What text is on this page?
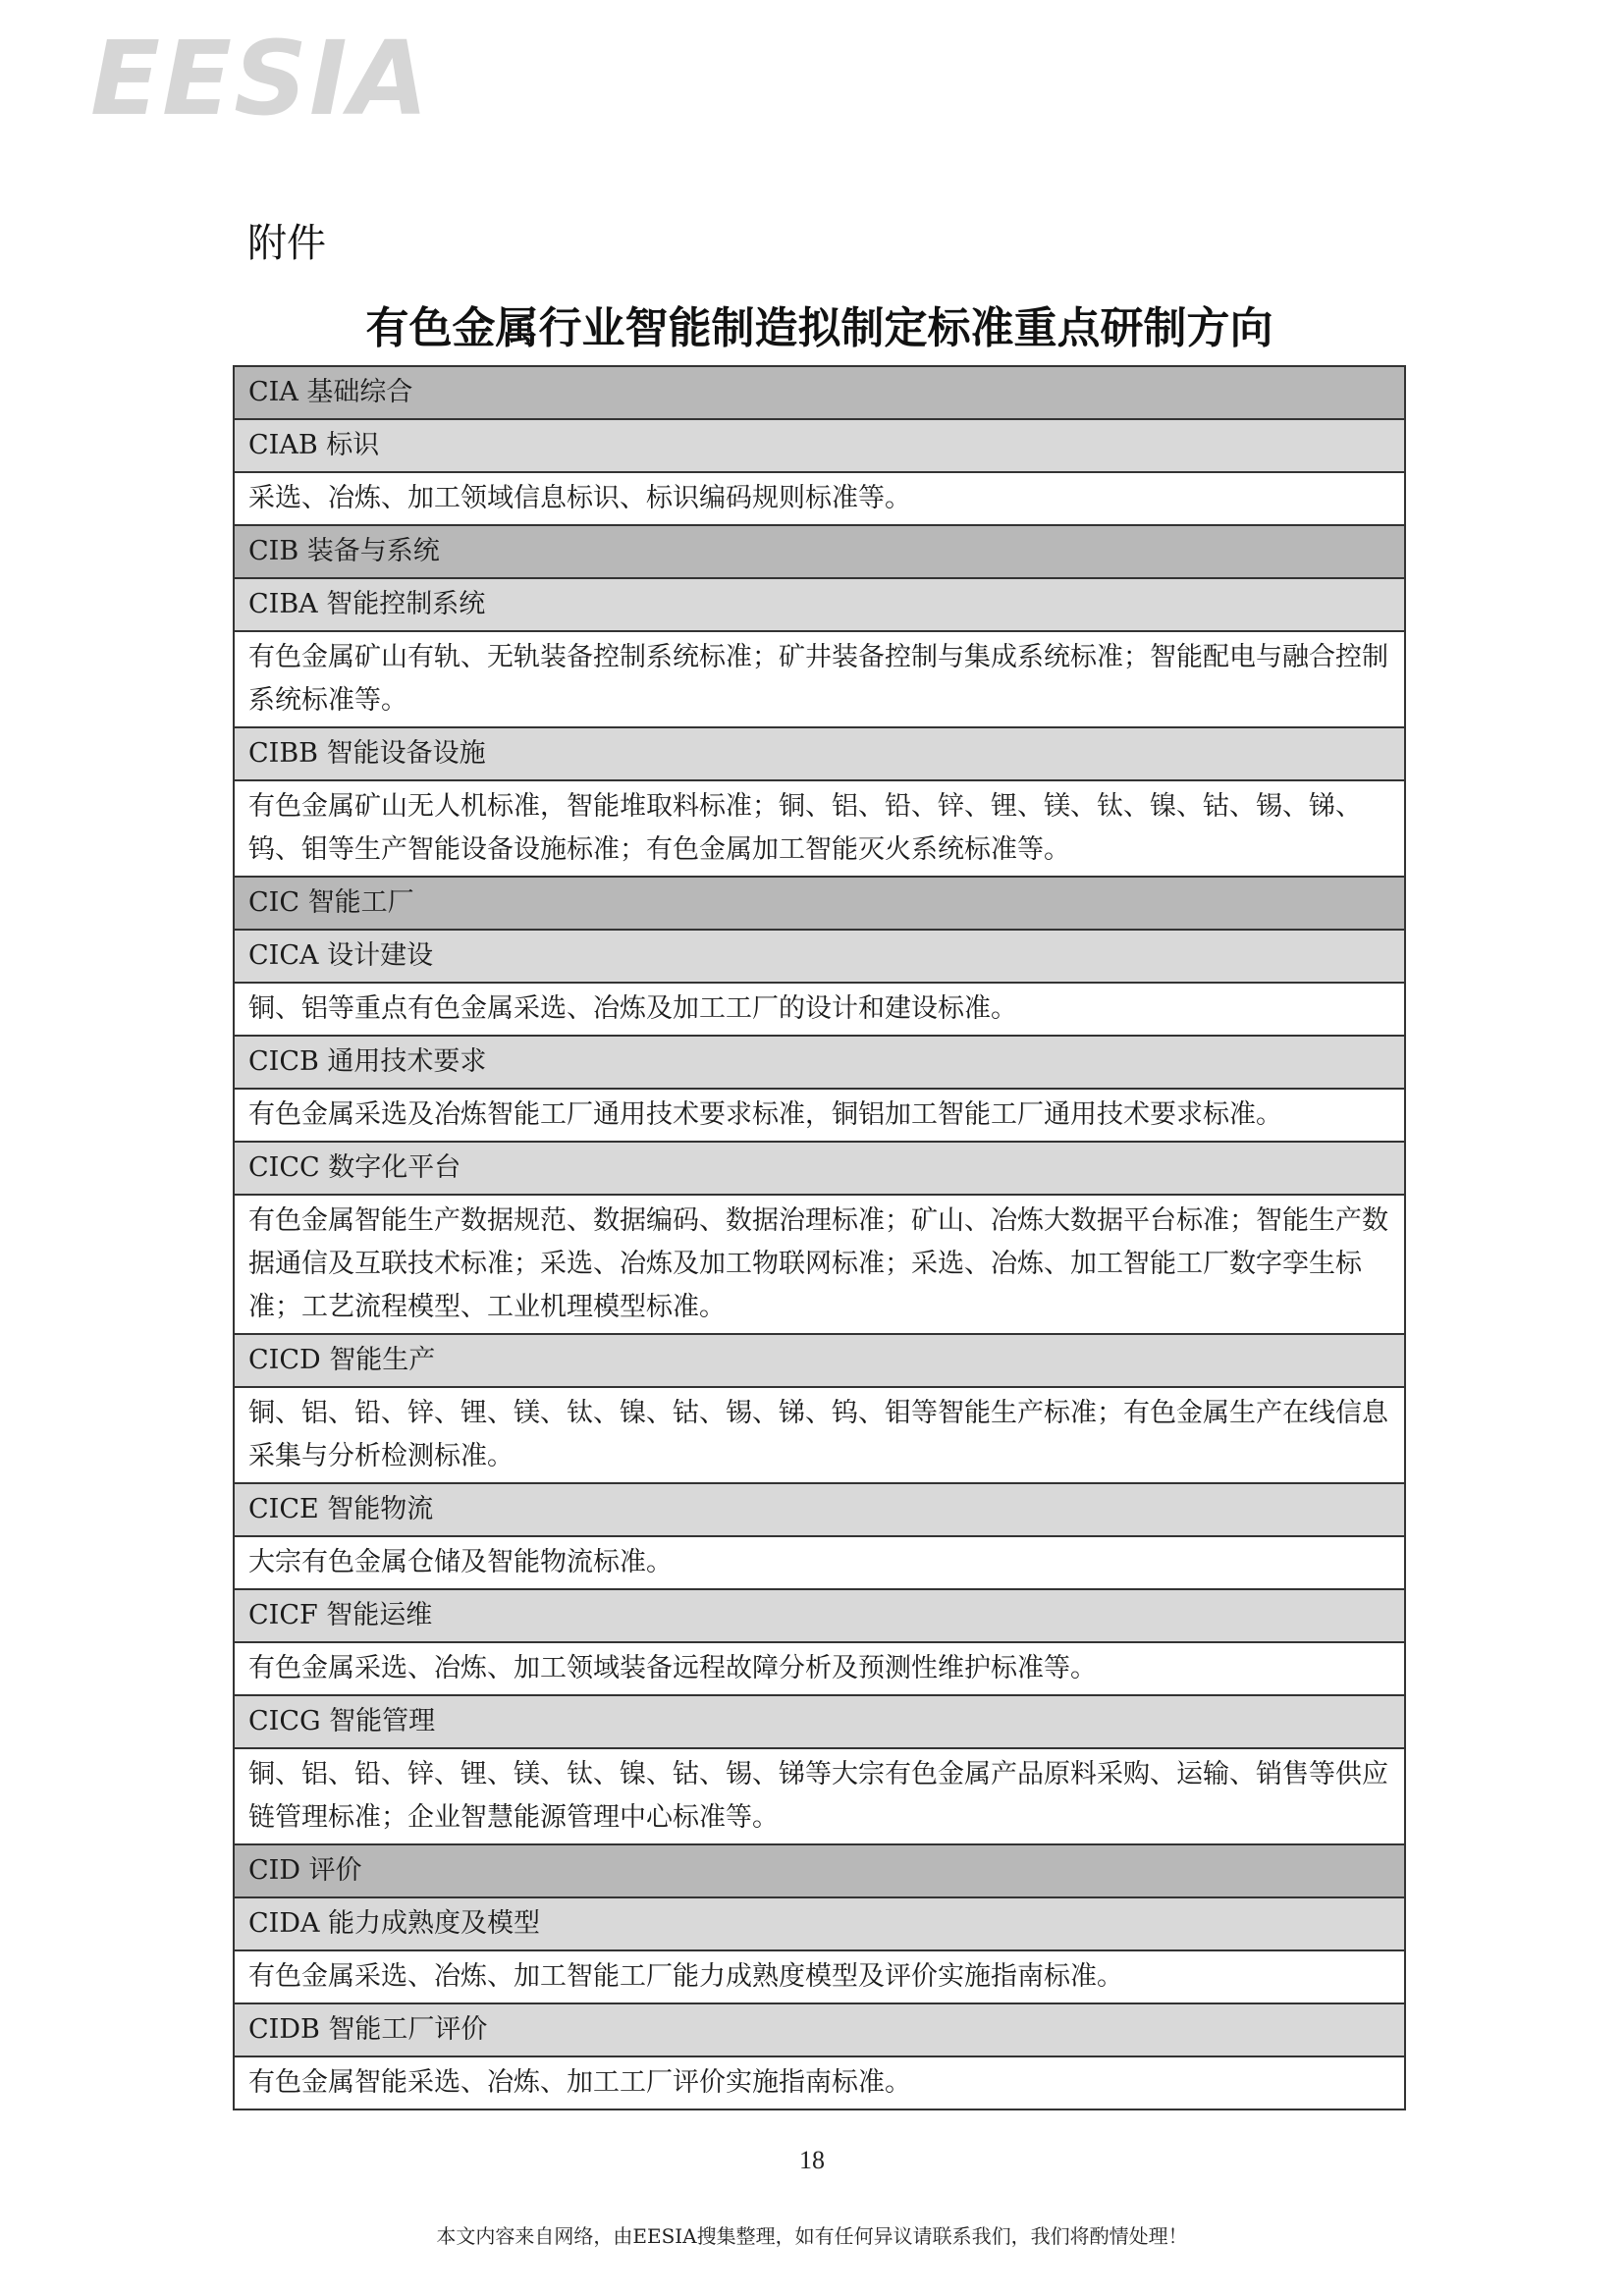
EESIA
附件
有色金属行业智能制造拟制定标准重点研制方向
CIA 基础综合
CIAB 标识
采选、冶炼、加工领域信息标识、标识编码规则标准等。
CIB 装备与系统
CIBA 智能控制系统
有色金属矿山有轨、无轨装备控制系统标准；矿井装备控制与集成系统标准；智能配电与融合控制系统标准等。
CIBB 智能设备设施
有色金属矿山无人机标准，智能堆取料标准；铜、铝、铅、锌、锂、镁、钛、镍、钴、锡、锑、钨、钼等生产智能设备设施标准；有色金属加工智能灭火系统标准等。
CIC 智能工厂
CICA 设计建设
铜、铝等重点有色金属采选、冶炼及加工工厂的设计和建设标准。
CICB 通用技术要求
有色金属采选及冶炼智能工厂通用技术要求标准，铜铝加工智能工厂通用技术要求标准。
CICC 数字化平台
有色金属智能生产数据规范、数据编码、数据治理标准；矿山、冶炼大数据平台标准；智能生产数据通信及互联技术标准；采选、冶炼及加工物联网标准；采选、冶炼、加工智能工厂数字孪生标准；工艺流程模型、工业机理模型标准。
CICD 智能生产
铜、铝、铅、锌、锂、镁、钛、镍、钴、锡、锑、钨、钼等智能生产标准；有色金属生产在线信息采集与分析检测标准。
CICE 智能物流
大宗有色金属仓储及智能物流标准。
CICF 智能运维
有色金属采选、冶炼、加工领域装备远程故障分析及预测性维护标准等。
CICG 智能管理
铜、铝、铅、锌、锂、镁、钛、镍、钴、锡、锑等大宗有色金属产品原料采购、运输、销售等供应链管理标准；企业智慧能源管理中心标准等。
CID 评价
CIDA 能力成熟度及模型
有色金属采选、冶炼、加工智能工厂能力成熟度模型及评价实施指南标准。
CIDB 智能工厂评价
有色金属智能采选、冶炼、加工工厂评价实施指南标准。
18
本文内容来自网络，由EESIA搜集整理，如有任何异议请联系我们，我们将酌情处理！
